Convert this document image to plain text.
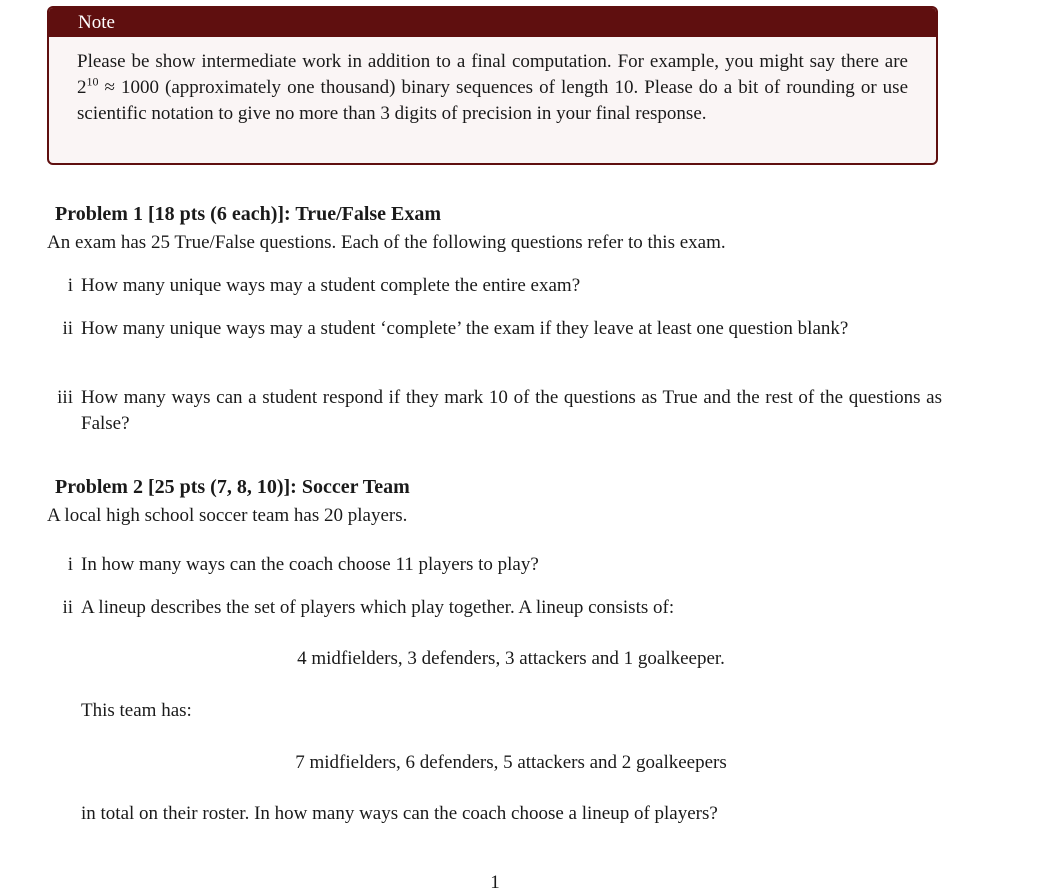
Note
Please be show intermediate work in addition to a final computation. For example, you might say there are $2^{10} \approx 1000$ (approximately one thousand) binary sequences of length 10. Please do a bit of rounding or use scientific notation to give no more than 3 digits of precision in your final response.
Problem 1 [18 pts (6 each)]: True/False Exam
An exam has 25 True/False questions. Each of the following questions refer to this exam.
i How many unique ways may a student complete the entire exam?
ii How many unique ways may a student ‘complete’ the exam if they leave at least one question blank?
iii How many ways can a student respond if they mark 10 of the questions as True and the rest of the questions as False?
Problem 2 [25 pts (7, 8, 10)]: Soccer Team
A local high school soccer team has 20 players.
i In how many ways can the coach choose 11 players to play?
ii A lineup describes the set of players which play together. A lineup consists of:
4 midfielders, 3 defenders, 3 attackers and 1 goalkeeper.
This team has:
7 midfielders, 6 defenders, 5 attackers and 2 goalkeepers
in total on their roster. In how many ways can the coach choose a lineup of players?
1
